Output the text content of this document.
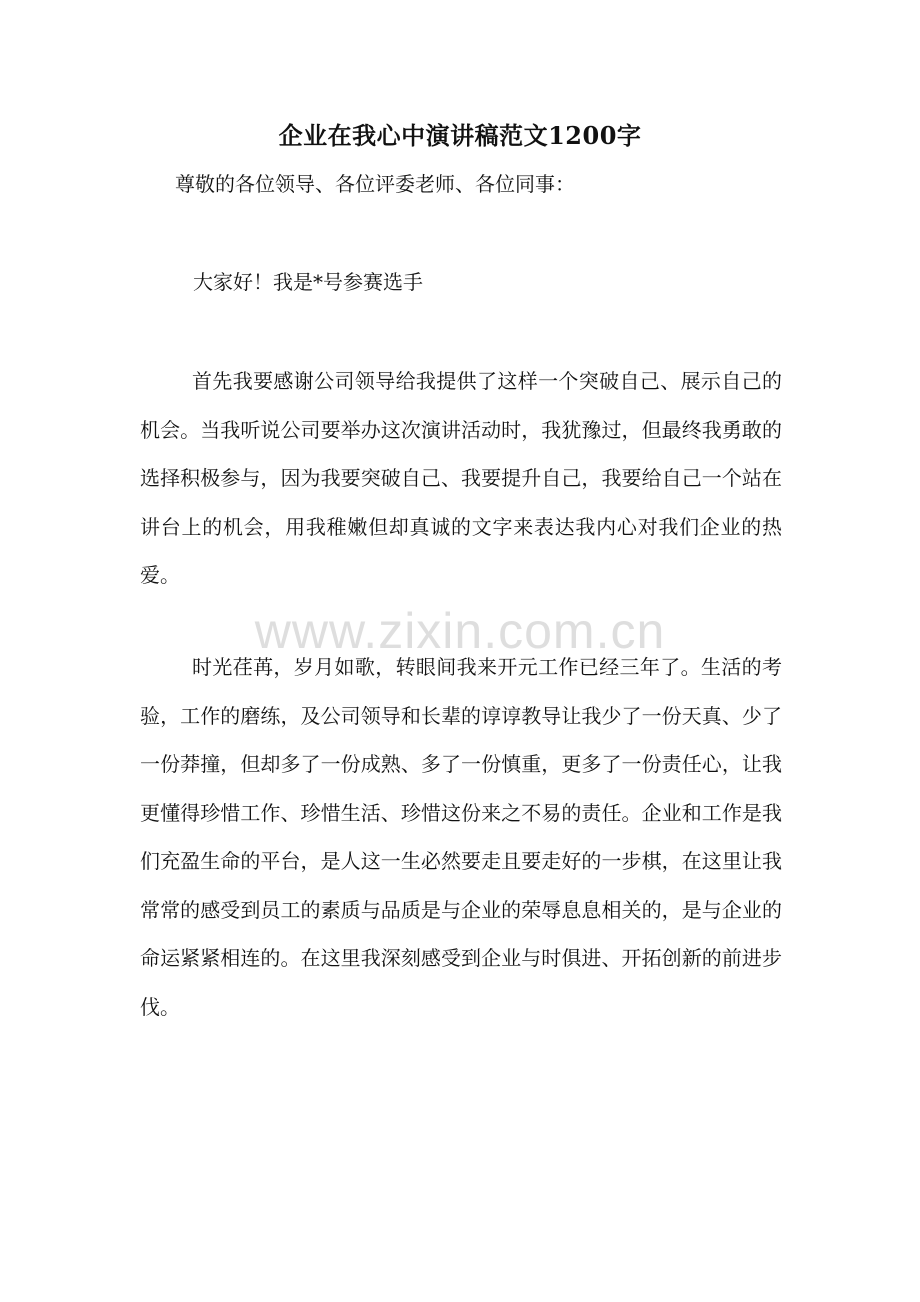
企业在我心中演讲稿范文1200字
尊敬的各位领导、各位评委老师、各位同事：
大家好！我是*号参赛选手
首先我要感谢公司领导给我提供了这样一个突破自己、展示自己的机会。当我听说公司要举办这次演讲活动时，我犹豫过，但最终我勇敢的选择积极参与，因为我要突破自己、我要提升自己，我要给自己一个站在讲台上的机会，用我稚嫩但却真诚的文字来表达我内心对我们企业的热爱。
时光荏苒，岁月如歌，转眼间我来开元工作已经三年了。生活的考验，工作的磨练，及公司领导和长辈的谆谆教导让我少了一份天真、少了一份莽撞，但却多了一份成熟、多了一份慎重，更多了一份责任心，让我更懂得珍惜工作、珍惜生活、珍惜这份来之不易的责任。企业和工作是我们充盈生命的平台，是人这一生必然要走且要走好的一步棋，在这里让我常常的感受到员工的素质与品质是与企业的荣辱息息相关的，是与企业的命运紧紧相连的。在这里我深刻感受到企业与时俱进、开拓创新的前进步伐。
www.zixin.com.cn
